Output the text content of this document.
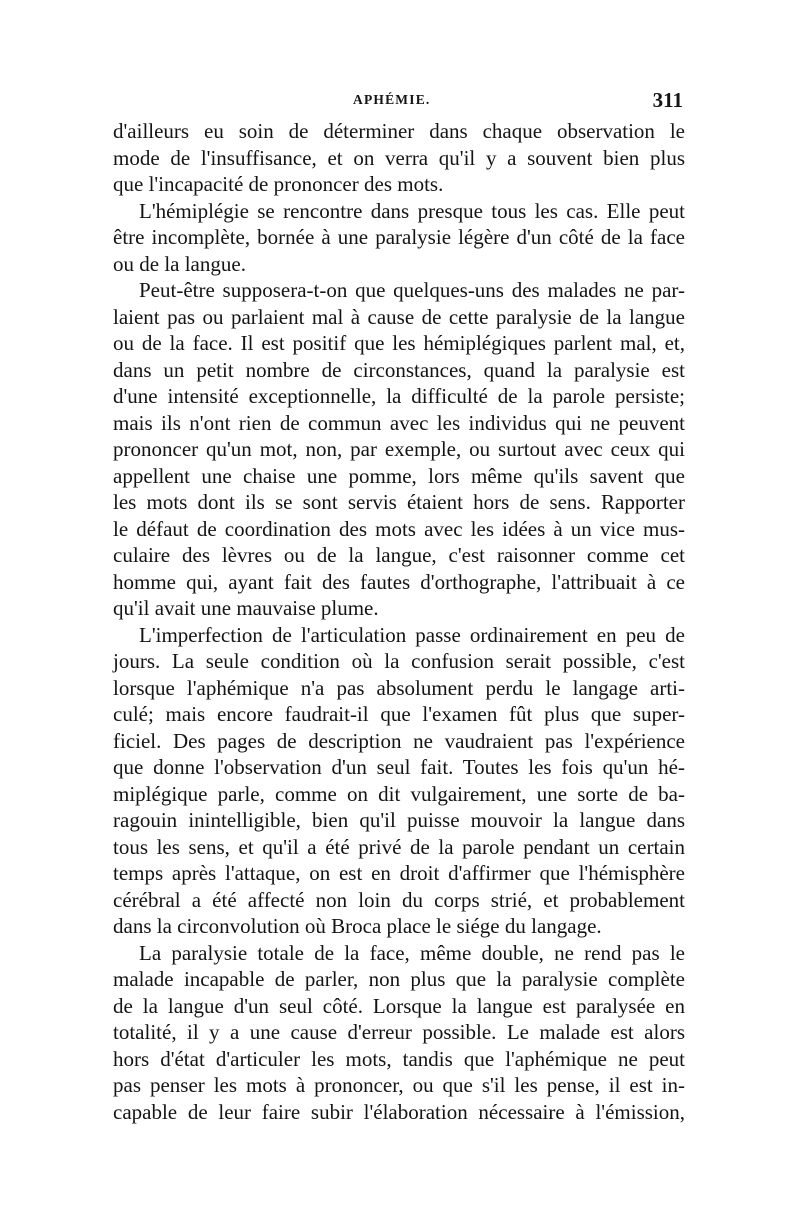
APHÉMIE.	311
d'ailleurs eu soin de déterminer dans chaque observation le
mode de l'insuffisance, et on verra qu'il y a souvent bien plus
que l'incapacité de prononcer des mots.
L'hémiplégie se rencontre dans presque tous les cas. Elle peut
être incomplète, bornée à une paralysie légère d'un côté de la face
ou de la langue.
Peut-être supposera-t-on que quelques-uns des malades ne par-
laient pas ou parlaient mal à cause de cette paralysie de la langue
ou de la face. Il est positif que les hémiplégiques parlent mal, et,
dans un petit nombre de circonstances, quand la paralysie est
d'une intensité exceptionnelle, la difficulté de la parole persiste;
mais ils n'ont rien de commun avec les individus qui ne peuvent
prononcer qu'un mot, non, par exemple, ou surtout avec ceux qui
appellent une chaise une pomme, lors même qu'ils savent que
les mots dont ils se sont servis étaient hors de sens. Rapporter
le défaut de coordination des mots avec les idées à un vice mus-
culaire des lèvres ou de la langue, c'est raisonner comme cet
homme qui, ayant fait des fautes d'orthographe, l'attribuait à ce
qu'il avait une mauvaise plume.
L'imperfection de l'articulation passe ordinairement en peu de
jours. La seule condition où la confusion serait possible, c'est
lorsque l'aphémique n'a pas absolument perdu le langage arti-
culé; mais encore faudrait-il que l'examen fût plus que super-
ficiel. Des pages de description ne vaudraient pas l'expérience
que donne l'observation d'un seul fait. Toutes les fois qu'un hé-
miplégique parle, comme on dit vulgairement, une sorte de ba-
ragouin inintelligible, bien qu'il puisse mouvoir la langue dans
tous les sens, et qu'il a été privé de la parole pendant un certain
temps après l'attaque, on est en droit d'affirmer que l'hémisphère
cérébral a été affecté non loin du corps strié, et probablement
dans la circonvolution où Broca place le siége du langage.
La paralysie totale de la face, même double, ne rend pas le
malade incapable de parler, non plus que la paralysie complète
de la langue d'un seul côté. Lorsque la langue est paralysée en
totalité, il y a une cause d'erreur possible. Le malade est alors
hors d'état d'articuler les mots, tandis que l'aphémique ne peut
pas penser les mots à prononcer, ou que s'il les pense, il est in-
capable de leur faire subir l'élaboration nécessaire à l'émission,
